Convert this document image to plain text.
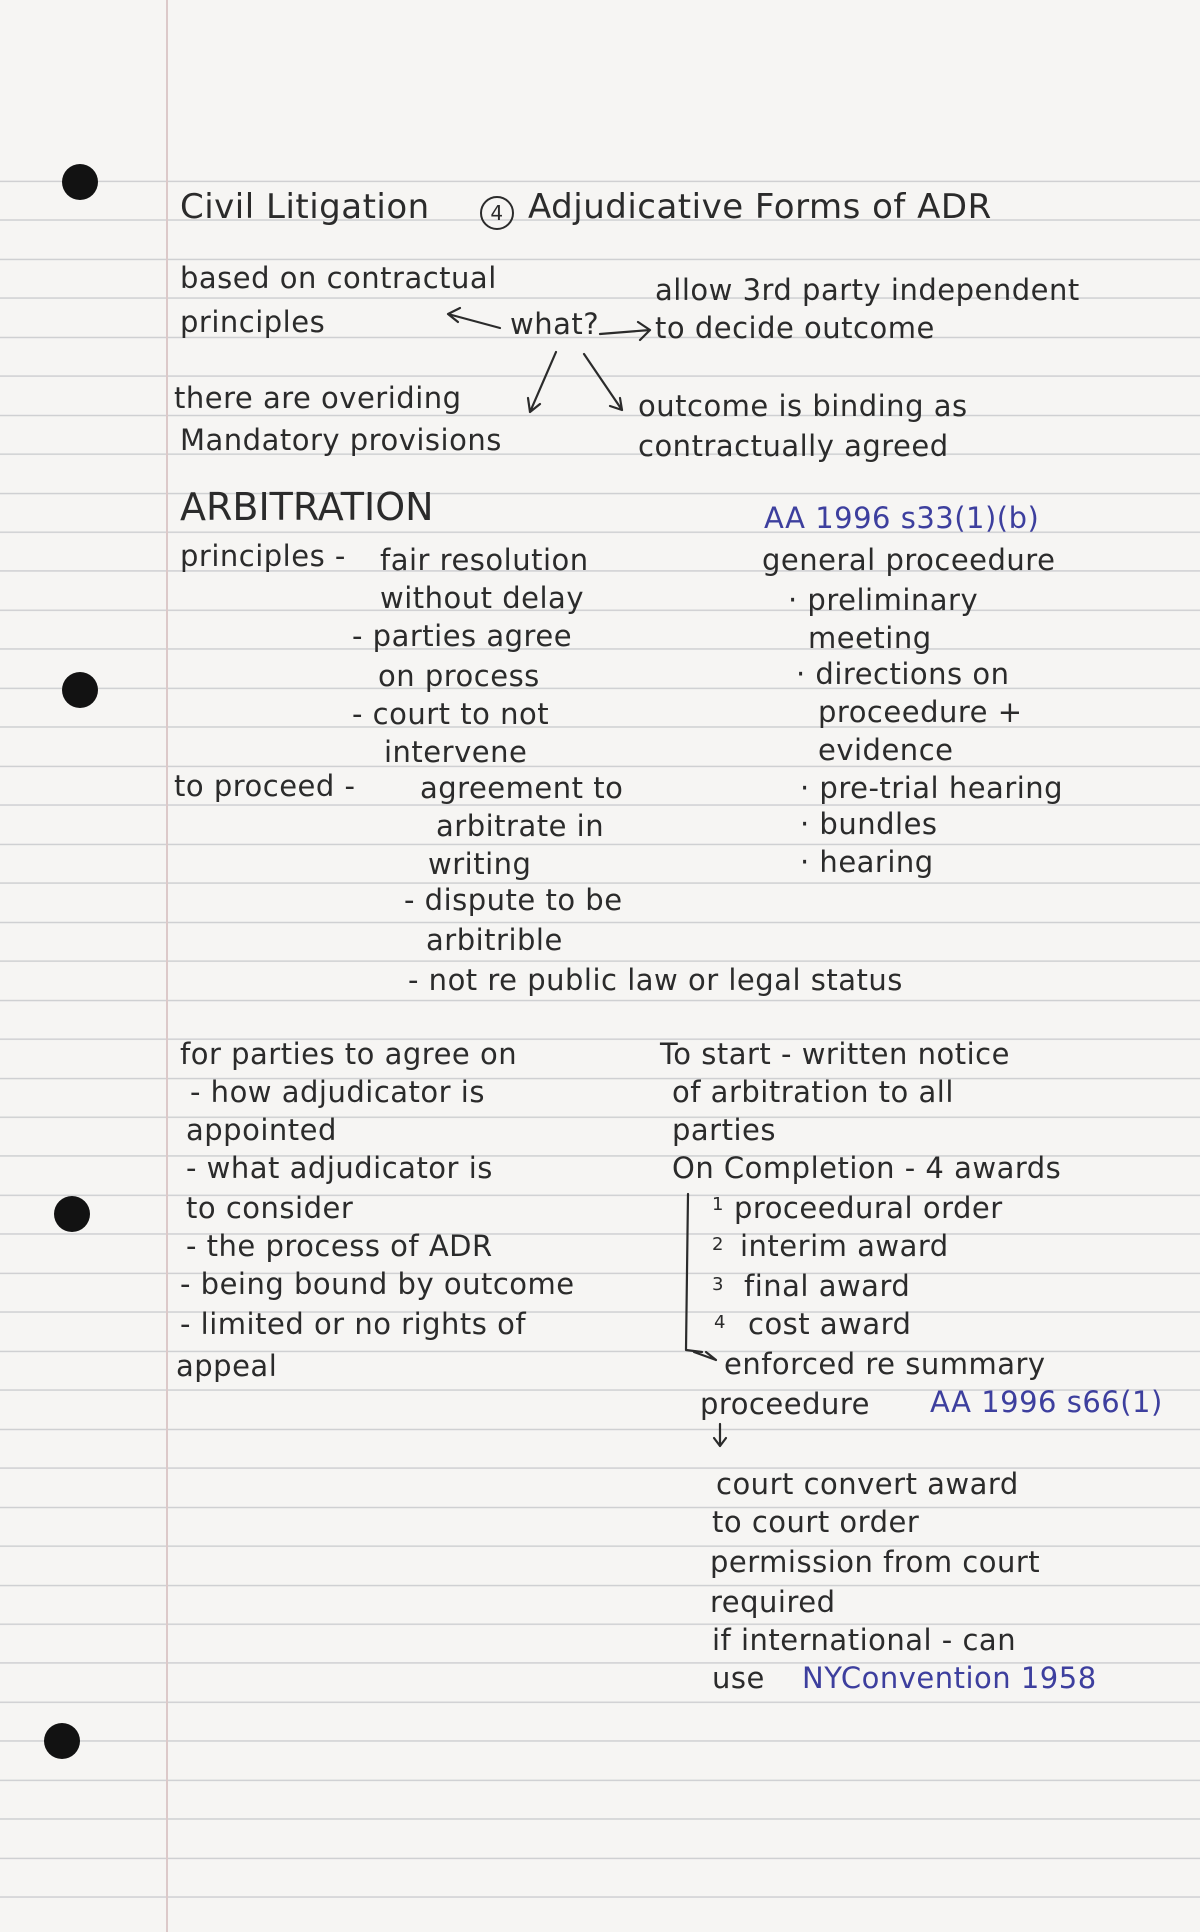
Civil Litigation	4 Adjudicative Forms of ADR
based on contractual
principles	what?
allow 3rd party independent
to decide outcome
there are overiding
Mandatory provisions
outcome is binding as
contractually agreed
ARBITRATION
principles - fair resolution
without delay
- parties agree
on process
- court to not
intervene
to proceed - agreement to
arbitrate in
writing
- dispute to be
arbitrible
- not re public law or legal status
AA 1996 s33(1)(b)
general proceedure
· preliminary
meeting
· directions on
proceedure +
evidence
· pre-trial hearing
· bundles
· hearing
for parties to agree on
- how adjudicator is
appointed
- what adjudicator is
to consider
- the process of ADR
- being bound by outcome
- limited or no rights of
appeal
To start - written notice
of arbitration to all
parties
On Completion - 4 awards
1 proceedural order
2 interim award
3 final award
4 cost award
enforced re summary
proceedure AA 1996 s66(1)
court convert award
to court order
permission from court
required
if international - can
use NYConvention 1958
